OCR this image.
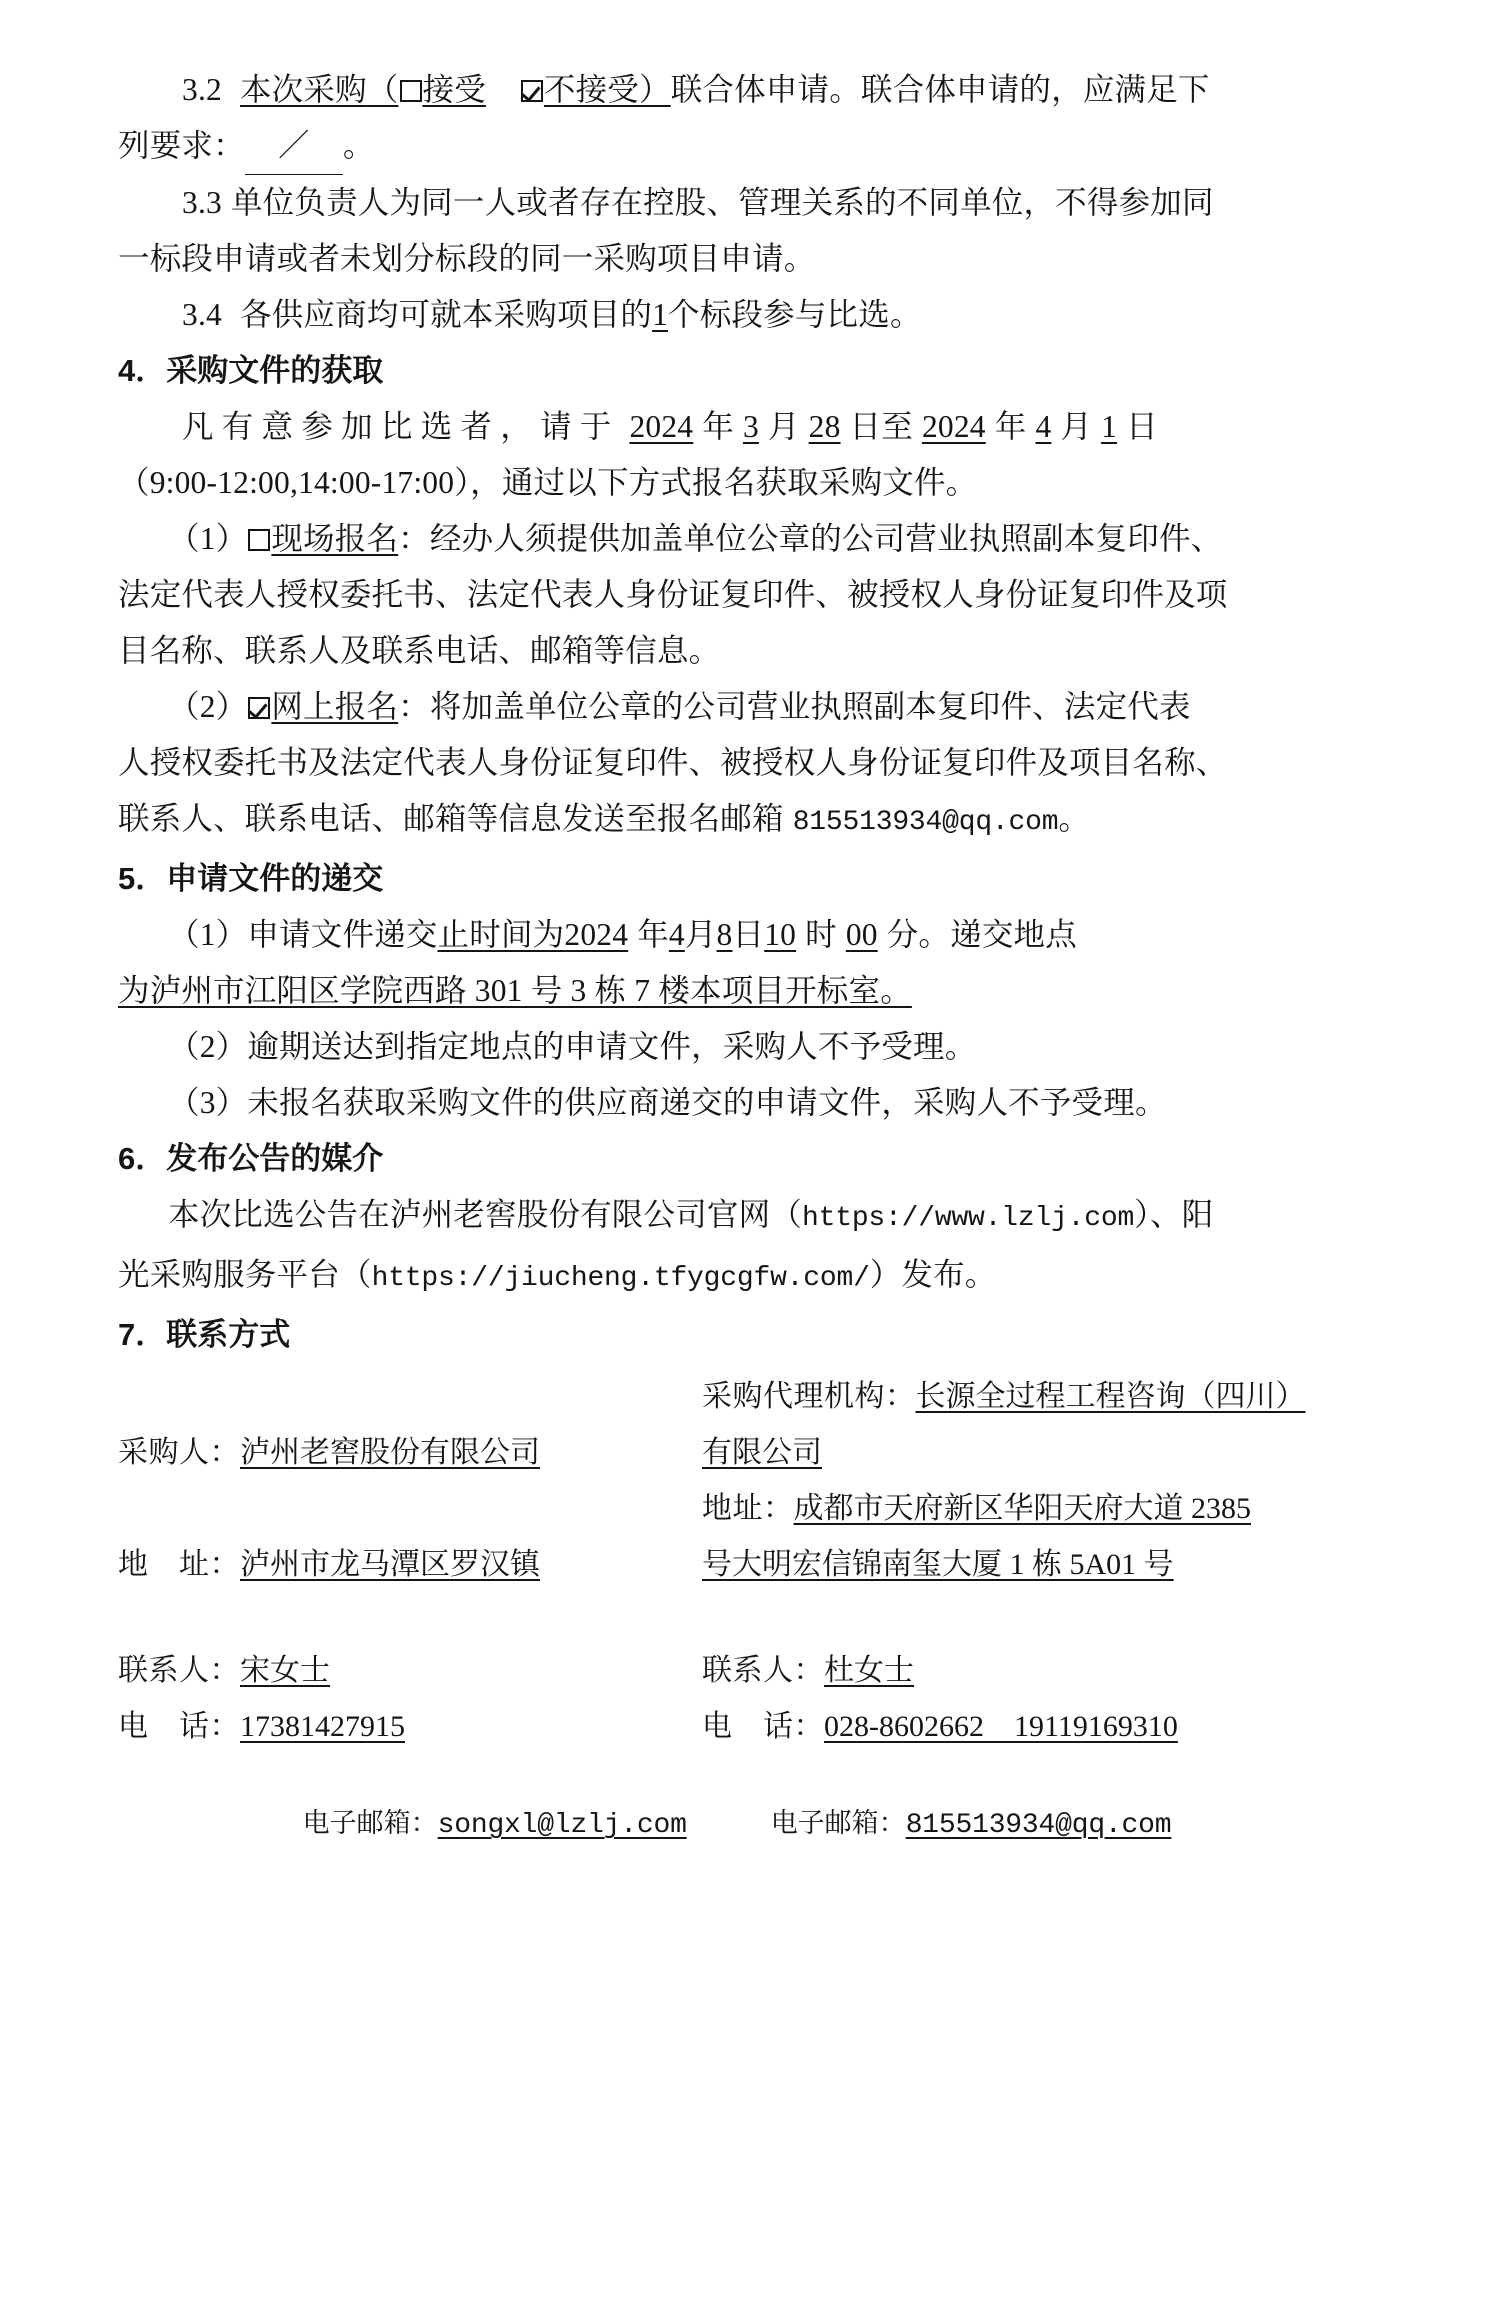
3.2 本次采购（ 接受 不接受）联合体申请。联合体申请的，应满足下

列要求： ／ 。

3.3 单位负责人为同一人或者存在控股、管理关系的不同单位，不得参加同

一标段申请或者未划分标段的同一采购项目申请。

3.4 各供应商均可就本采购项目的1个标段参与比选。

4．采购文件的获取

凡 有 意 参 加 比 选 者 ， 请 于 2024 年 3 月 28 日至 2024 年 4 月 1 日

（9:00-12:00,14:00-17:00），通过以下方式报名获取采购文件。

（1） 现场报名：经办人须提供加盖单位公章的公司营业执照副本复印件、

法定代表人授权委托书、法定代表人身份证复印件、被授权人身份证复印件及项

目名称、联系人及联系电话、邮箱等信息。

（2） 网上报名：将加盖单位公章的公司营业执照副本复印件、法定代表

人授权委托书及法定代表人身份证复印件、被授权人身份证复印件及项目名称、

联系人、联系电话、邮箱等信息发送至报名邮箱 815513934@qq.com。

5．申请文件的递交

（1）申请文件递交止时间为2024 年4月8日10 时 00 分。递交地点

为泸州市江阳区学院西路 301 号 3 栋 7 楼本项目开标室。

（2）逾期送达到指定地点的申请文件，采购人不予受理。

（3）未报名获取采购文件的供应商递交的申请文件，采购人不予受理。

6．发布公告的媒介

本次比选公告在泸州老窖股份有限公司官网（https://www.lzlj.com）、阳

光采购服务平台（https://jiucheng.tfygcgfw.com/）发布。

7．联系方式

采购人：泸州老窖股份有限公司
地　址：泸州市龙马潭区罗汉镇
联系人：宋女士
电　话：17381427915
采购代理机构：长源全过程工程咨询（四川）
有限公司
地址：成都市天府新区华阳天府大道 2385
号大明宏信锦南玺大厦 1 栋 5A01 号
联系人：杜女士
电　话：028-8602662　19119169310
电子邮箱：songxl@lzlj.com	电子邮箱：815513934@qq.com
